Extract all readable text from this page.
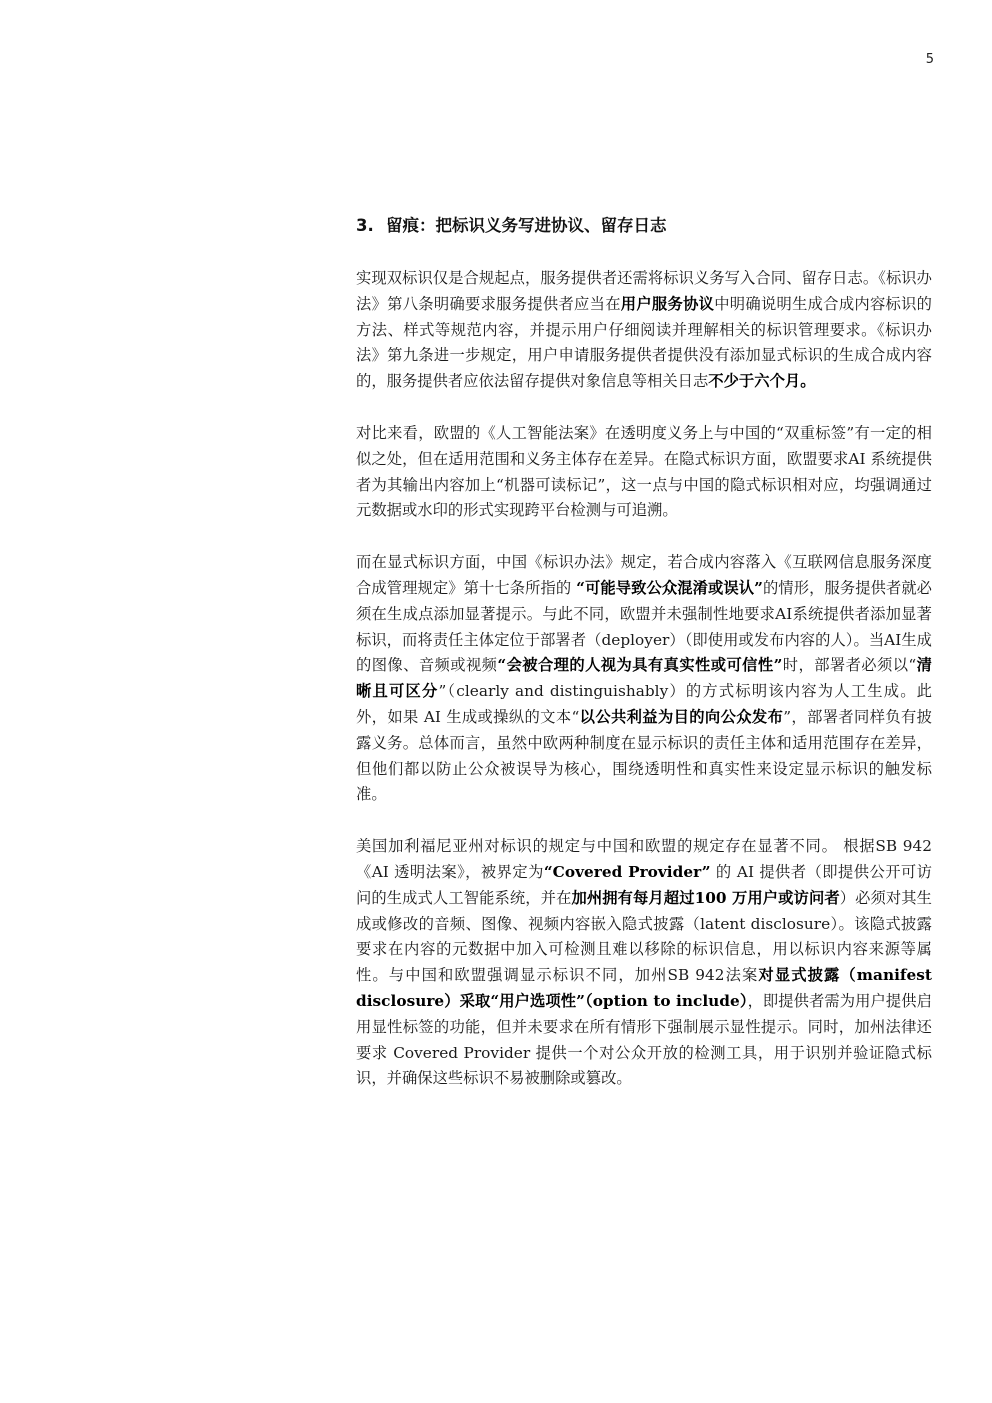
5
3. 留痕：把标识义务写进协议、留存日志

实现双标识仅是合规起点，服务提供者还需将标识义务写入合同、留存日志。《标识办法》第八条明确要求服务提供者应当在用户服务协议中明确说明生成合成内容标识的方法、样式等规范内容，并提示用户仔细阅读并理解相关的标识管理要求。《标识办法》第九条进一步规定，用户申请服务提供者提供没有添加显式标识的生成合成内容的，服务提供者应依法留存提供对象信息等相关日志不少于六个月。

对比来看，欧盟的《人工智能法案》在透明度义务上与中国的“双重标签”有一定的相似之处，但在适用范围和义务主体存在差异。在隐式标识方面，欧盟要求AI 系统提供者为其输出内容加上“机器可读标记”，这一点与中国的隐式标识相对应，均强调通过元数据或水印的形式实现跨平台检测与可追溯。

而在显式标识方面，中国《标识办法》规定，若合成内容落入《互联网信息服务深度合成管理规定》第十七条所指的 “可能导致公众混淆或误认”的情形，服务提供者就必须在生成点添加显著提示。与此不同，欧盟并未强制性地要求AI系统提供者添加显著标识，而将责任主体定位于部署者（deployer）（即使用或发布内容的人）。当AI生成的图像、音频或视频“会被合理的人视为具有真实性或可信性”时，部署者必须以“清晰且可区分”（clearly and distinguishably）的方式标明该内容为人工生成。此外，如果 AI 生成或操纵的文本“以公共利益为目的向公众发布”，部署者同样负有披露义务。总体而言，虽然中欧两种制度在显示标识的责任主体和适用范围存在差异，但他们都以防止公众被误导为核心，围绕透明性和真实性来设定显示标识的触发标准。

美国加利福尼亚州对标识的规定与中国和欧盟的规定存在显著不同。 根据SB 942 《AI 透明法案》，被界定为“Covered Provider” 的 AI 提供者（即提供公开可访问的生成式人工智能系统，并在加州拥有每月超过100 万用户或访问者）必须对其生成或修改的音频、图像、视频内容嵌入隐式披露（latent disclosure）。该隐式披露要求在内容的元数据中加入可检测且难以移除的标识信息，用以标识内容来源等属性。与中国和欧盟强调显示标识不同，加州SB 942法案对显式披露（manifest disclosure）采取“用户选项性”（option to include），即提供者需为用户提供启用显性标签的功能，但并未要求在所有情形下强制展示显性提示。同时，加州法律还要求 Covered Provider 提供一个对公众开放的检测工具，用于识别并验证隐式标识，并确保这些标识不易被删除或篡改。
